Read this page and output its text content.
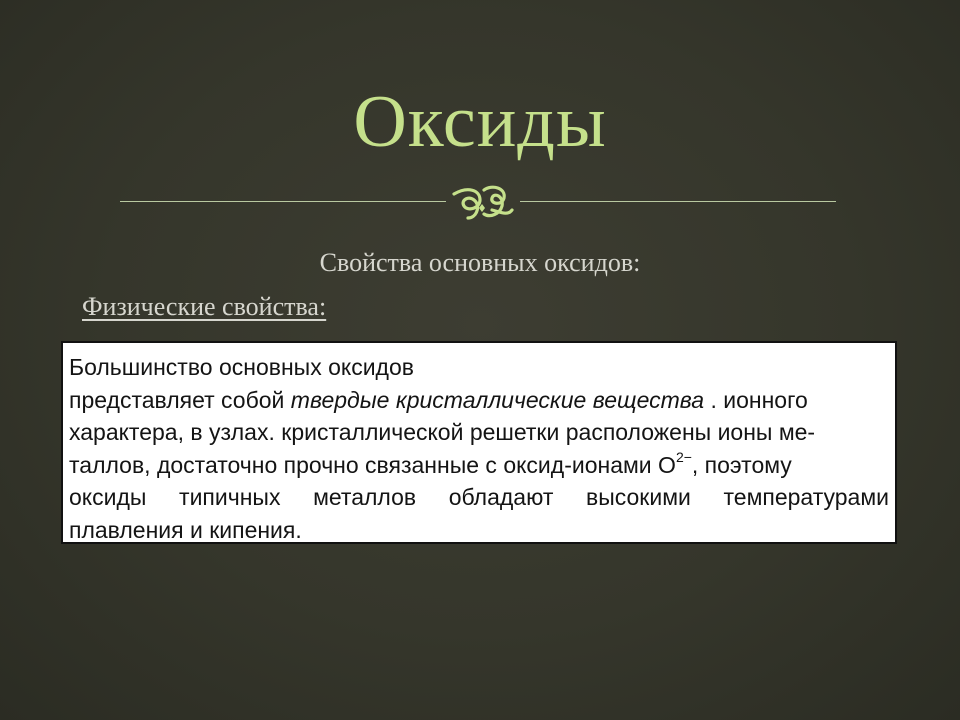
Оксиды
Свойства основных оксидов:
Физические свойства:
Большинство основных оксидов
представляет собой твердые кристаллические вещества . ионного
характера, в узлах. кристаллической решетки расположены ионы ме-
таллов, достаточно прочно связанные с оксид-ионами $O^{2-}$, поэтому
оксиды типичных металлов обладают высокими температурами
плавления и кипения.
